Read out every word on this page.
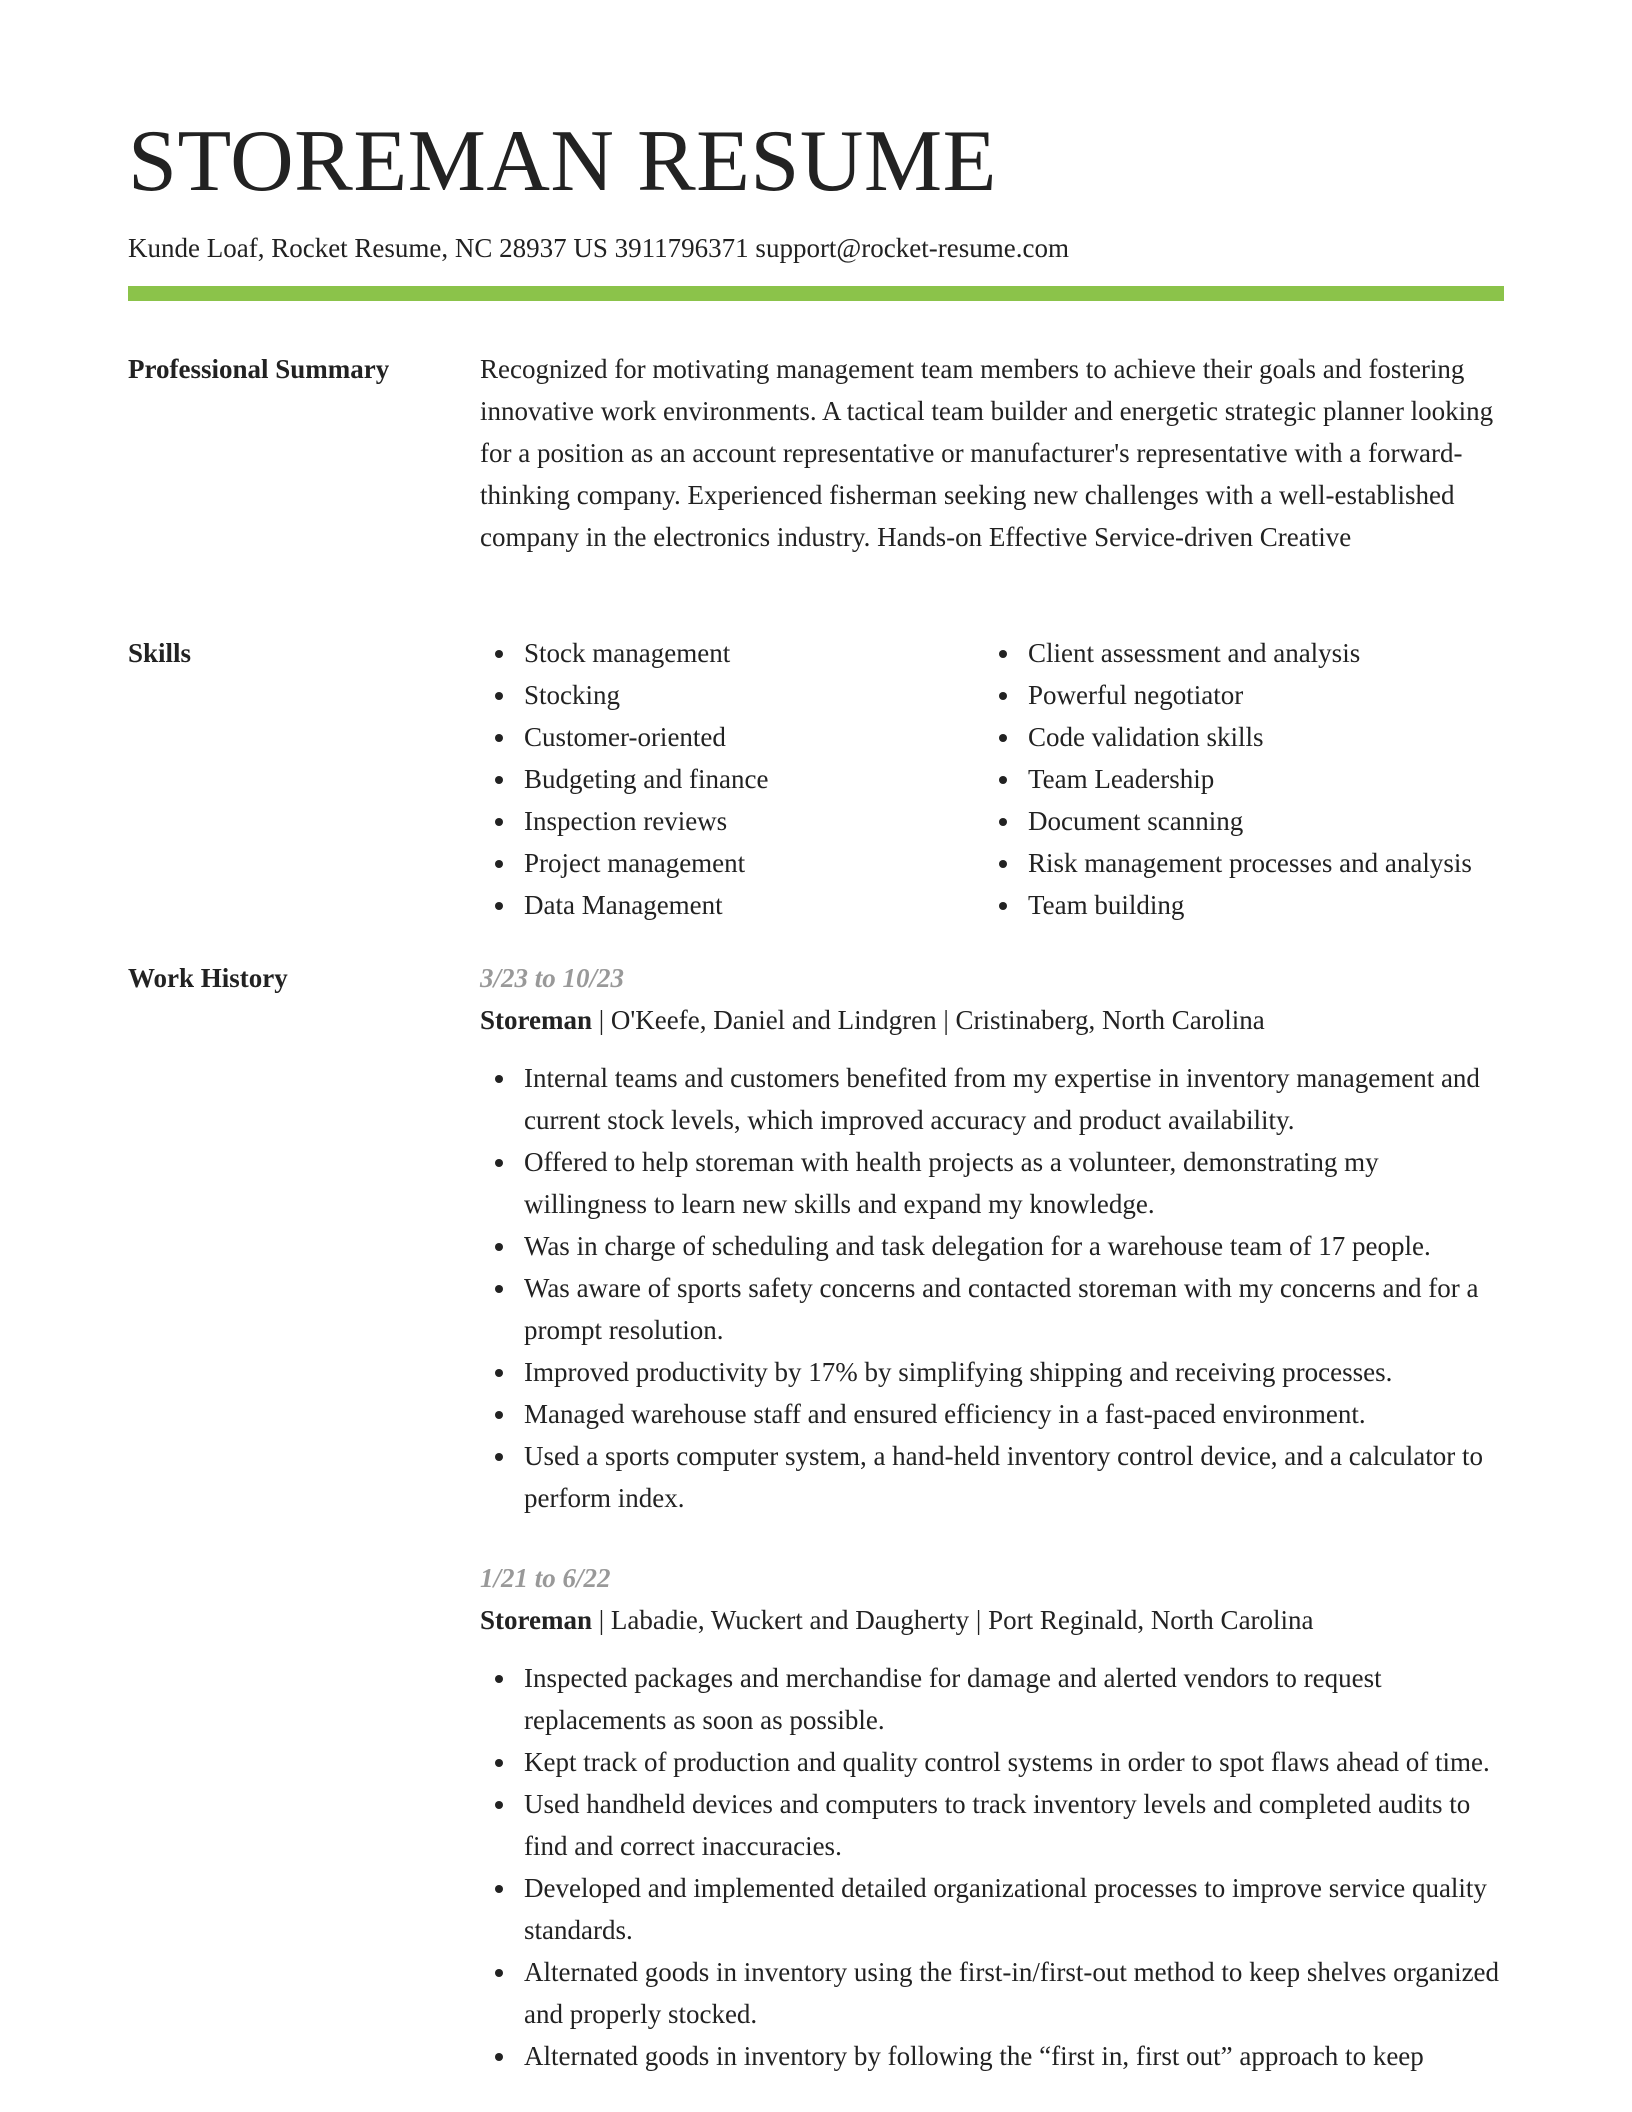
STOREMAN RESUME
Kunde Loaf, Rocket Resume, NC 28937 US 3911796371 support@rocket-resume.com
Professional Summary	Recognized for motivating management team members to achieve their goals and fostering innovative work environments. A tactical team builder and energetic strategic planner looking for a position as an account representative or manufacturer's representative with a forward-thinking company. Experienced fisherman seeking new challenges with a well-established company in the electronics industry. Hands-on Effective Service-driven Creative
Skills	Stock management
Stocking
Customer-oriented
Budgeting and finance
Inspection reviews
Project management
Data Management
Client assessment and analysis
Powerful negotiator
Code validation skills
Team Leadership
Document scanning
Risk management processes and analysis
Team building
Work History	3/23 to 10/23
Storeman | O'Keefe, Daniel and Lindgren | Cristinaberg, North Carolina
Internal teams and customers benefited from my expertise in inventory management and current stock levels, which improved accuracy and product availability.
Offered to help storeman with health projects as a volunteer, demonstrating my willingness to learn new skills and expand my knowledge.
Was in charge of scheduling and task delegation for a warehouse team of 17 people.
Was aware of sports safety concerns and contacted storeman with my concerns and for a prompt resolution.
Improved productivity by 17% by simplifying shipping and receiving processes.
Managed warehouse staff and ensured efficiency in a fast-paced environment.
Used a sports computer system, a hand-held inventory control device, and a calculator to perform index.
1/21 to 6/22
Storeman | Labadie, Wuckert and Daugherty | Port Reginald, North Carolina
Inspected packages and merchandise for damage and alerted vendors to request replacements as soon as possible.
Kept track of production and quality control systems in order to spot flaws ahead of time.
Used handheld devices and computers to track inventory levels and completed audits to find and correct inaccuracies.
Developed and implemented detailed organizational processes to improve service quality standards.
Alternated goods in inventory using the first-in/first-out method to keep shelves organized and properly stocked.
Alternated goods in inventory by following the “first in, first out” approach to keep
